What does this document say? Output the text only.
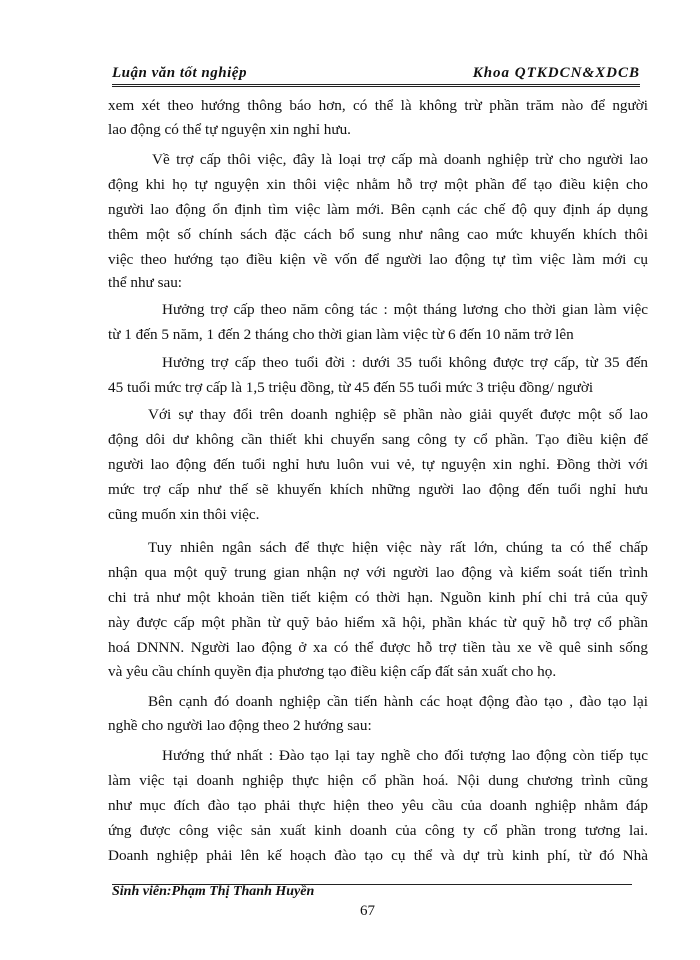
Luận văn tốt nghiệp	Khoa QTKDCN&XDCB
xem xét theo hướng thông báo hơn, có thể là không trừ phần trăm nào để người
lao động có thể tự nguyện xin nghỉ hưu.
Về trợ cấp thôi việc, đây là loại trợ cấp mà doanh nghiệp trừ cho người lao
động khi họ tự nguyện xin thôi việc nhằm hỗ trợ một phần để tạo điều kiện cho
người lao động ổn định tìm việc làm mới. Bên cạnh các chế độ quy định áp dụng
thêm một số chính sách đặc cách bổ sung như nâng cao mức khuyến khích thôi
việc theo hướng tạo điều kiện về vốn để người lao động tự tìm việc làm mới cụ
thể như sau:
Hưởng trợ cấp theo năm công tác : một tháng lương cho thời gian làm việc
từ 1 đến 5 năm, 1 đến 2 tháng cho thời gian làm việc từ 6 đến 10 năm trở lên
Hưởng trợ cấp theo tuổi đời : dưới 35 tuổi không được trợ cấp, từ 35 đến
45 tuổi mức trợ cấp là 1,5 triệu đồng, từ 45 đến 55 tuổi mức 3 triệu đồng/ người
Với sự thay đổi trên doanh nghiệp sẽ phần nào giải quyết được một số lao
động dôi dư không cần thiết khi chuyển sang công ty cổ phần. Tạo điều kiện để
người lao động đến tuổi nghỉ hưu luôn vui vẻ, tự nguyện xin nghỉ. Đồng thời với
mức trợ cấp như thế sẽ khuyến khích những người lao động đến tuổi nghỉ hưu
cũng muốn xin thôi việc.
Tuy nhiên ngân sách để thực hiện việc này rất lớn, chúng ta có thể chấp
nhận qua một quỹ trung gian nhận nợ với người lao động và kiểm soát tiến trình
chi trả như một khoản tiền tiết kiệm có thời hạn. Nguồn kinh phí chi trả của quỹ
này được cấp một phần từ quỹ bảo hiểm xã hội, phần khác từ quỹ hỗ trợ cổ phần
hoá DNNN. Người lao động ở xa có thể được hỗ trợ tiền tàu xe về quê sinh sống
và yêu cầu chính quyền địa phương tạo điều kiện cấp đất sản xuất cho họ.
Bên cạnh đó doanh nghiệp cần tiến hành các hoạt động đào tạo , đào tạo lại
nghề cho người lao động theo 2 hướng sau:
Hướng thứ nhất : Đào tạo lại tay nghề cho đối tượng lao động còn tiếp tục
làm việc tại doanh nghiệp thực hiện cổ phần hoá. Nội dung chương trình cũng
như mục đích đào tạo phải thực hiện theo yêu cầu của doanh nghiệp nhằm đáp
ứng được công việc sản xuất kinh doanh của công ty cổ phần trong tương lai.
Doanh nghiệp phải lên kế hoạch đào tạo cụ thể và dự trù kinh phí, từ đó Nhà
Sinh viên:Phạm Thị Thanh Huyền
67
